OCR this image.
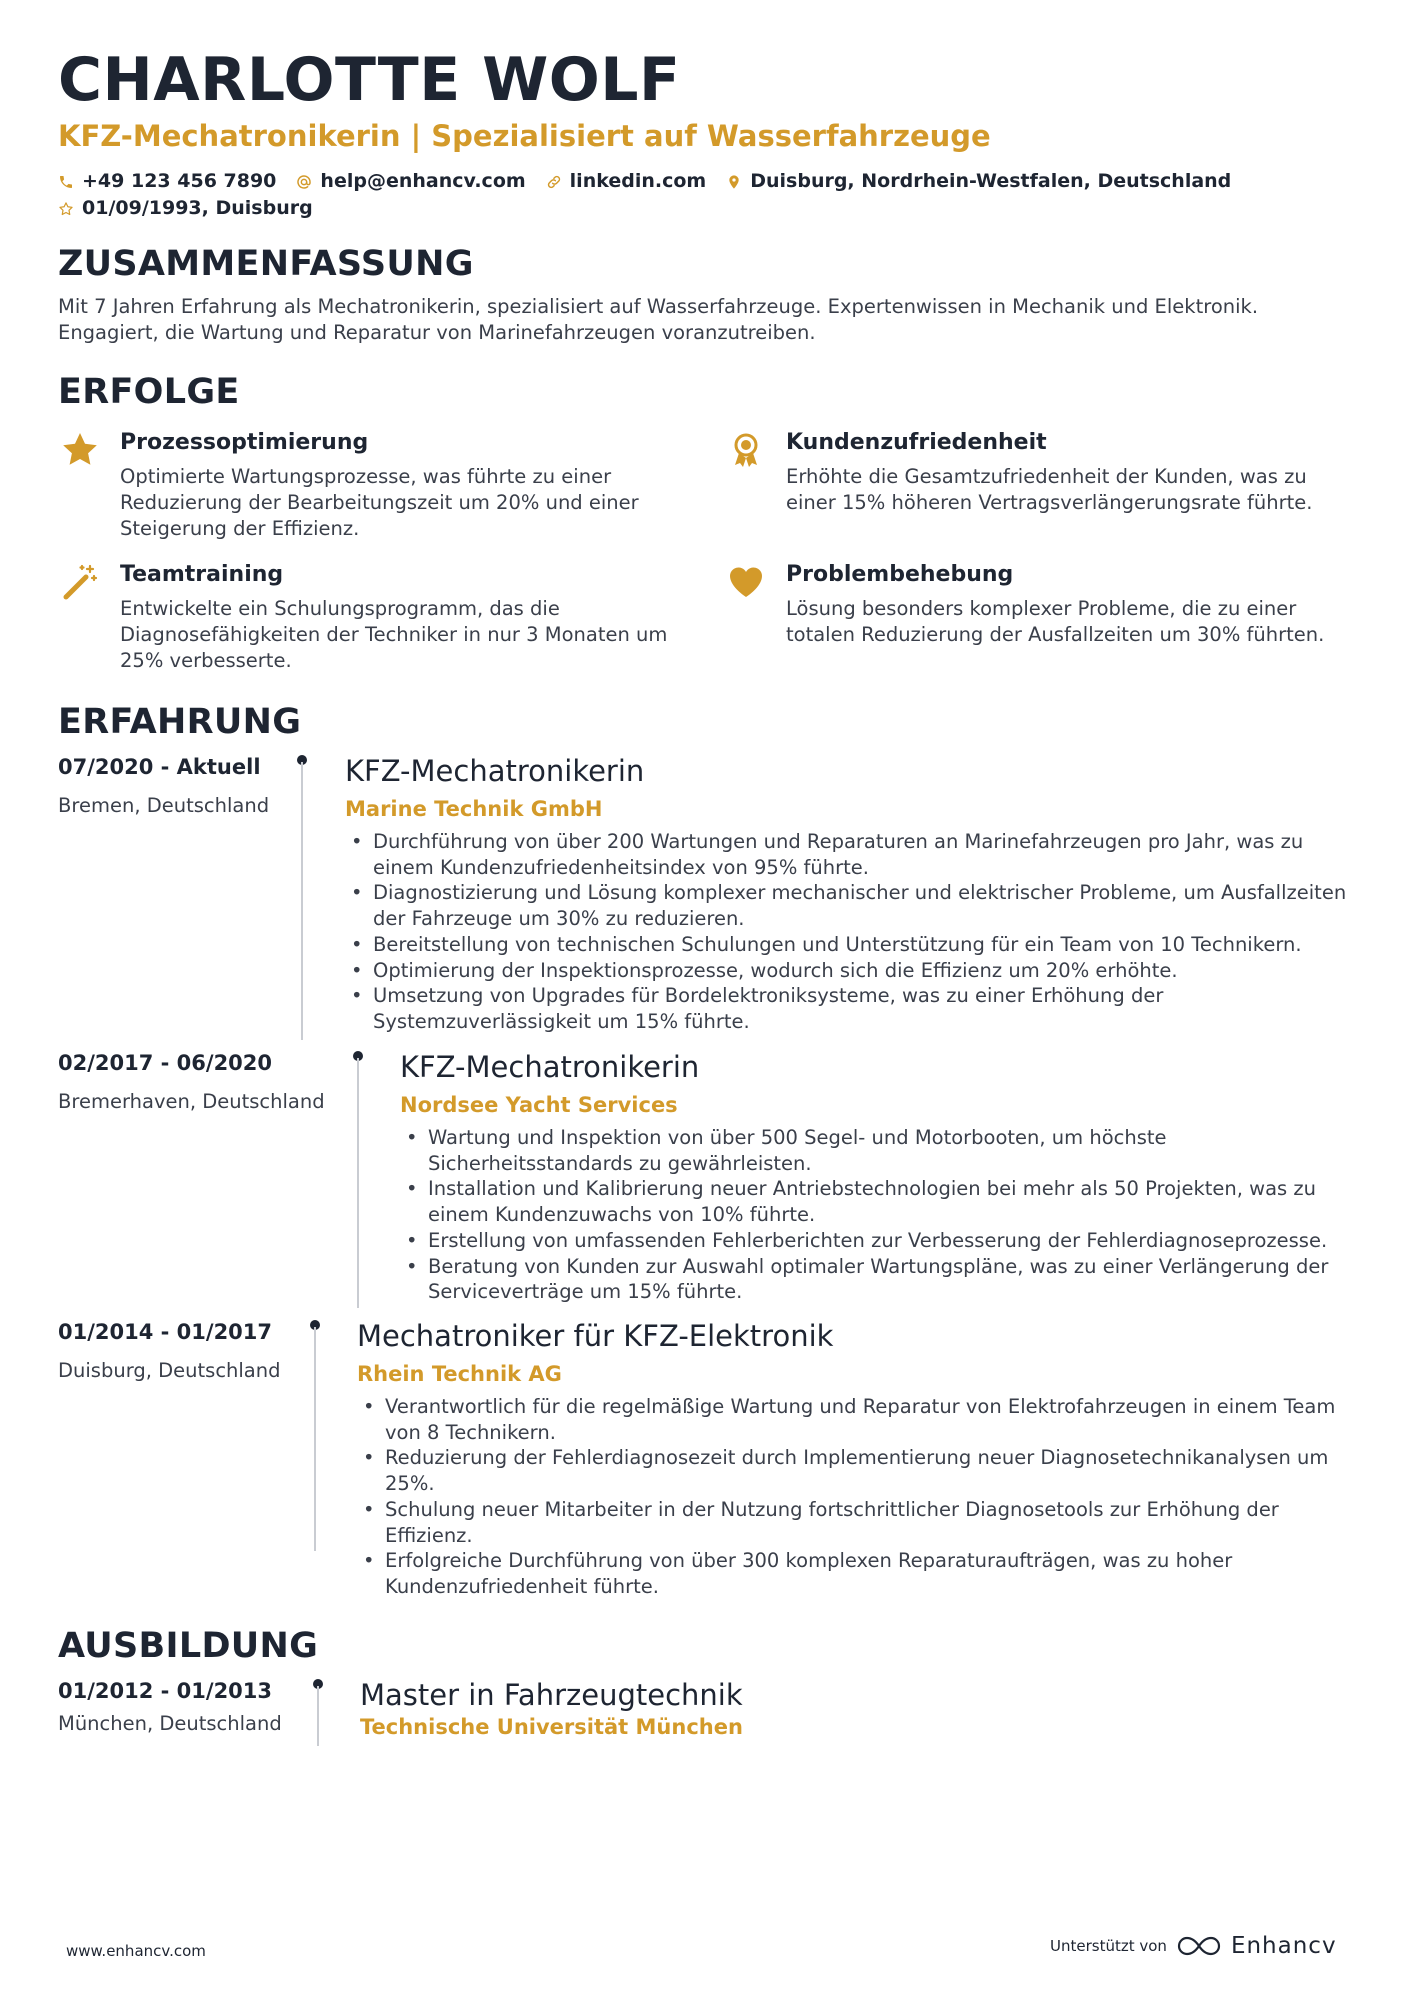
CHARLOTTE WOLF
KFZ-Mechatronikerin | Spezialisiert auf Wasserfahrzeuge
+49 123 456 7890 help@enhancv.com linkedin.com Duisburg, Nordrhein-Westfalen, Deutschland
01/09/1993, Duisburg
ZUSAMMENFASSUNG
Mit 7 Jahren Erfahrung als Mechatronikerin, spezialisiert auf Wasserfahrzeuge. Expertenwissen in Mechanik und Elektronik. Engagiert, die Wartung und Reparatur von Marinefahrzeugen voranzutreiben.
ERFOLGE
Prozessoptimierung
Optimierte Wartungsprozesse, was führte zu einer Reduzierung der Bearbeitungszeit um 20% und einer Steigerung der Effizienz.
Kundenzufriedenheit
Erhöhte die Gesamtzufriedenheit der Kunden, was zu einer 15% höheren Vertragsverlängerungsrate führte.
Teamtraining
Entwickelte ein Schulungsprogramm, das die Diagnosefähigkeiten der Techniker in nur 3 Monaten um 25% verbesserte.
Problembehebung
Lösung besonders komplexer Probleme, die zu einer totalen Reduzierung der Ausfallzeiten um 30% führten.
ERFAHRUNG
07/2020 - Aktuell
Bremen, Deutschland
KFZ-Mechatronikerin
Marine Technik GmbH
• Durchführung von über 200 Wartungen und Reparaturen an Marinefahrzeugen pro Jahr, was zu einem Kundenzufriedenheitsindex von 95% führte.
• Diagnostizierung und Lösung komplexer mechanischer und elektrischer Probleme, um Ausfallzeiten der Fahrzeuge um 30% zu reduzieren.
• Bereitstellung von technischen Schulungen und Unterstützung für ein Team von 10 Technikern.
• Optimierung der Inspektionsprozesse, wodurch sich die Effizienz um 20% erhöhte.
• Umsetzung von Upgrades für Bordelektroniksysteme, was zu einer Erhöhung der Systemzuverlässigkeit um 15% führte.
02/2017 - 06/2020
Bremerhaven, Deutschland
KFZ-Mechatronikerin
Nordsee Yacht Services
• Wartung und Inspektion von über 500 Segel- und Motorbooten, um höchste Sicherheitsstandards zu gewährleisten.
• Installation und Kalibrierung neuer Antriebstechnologien bei mehr als 50 Projekten, was zu einem Kundenzuwachs von 10% führte.
• Erstellung von umfassenden Fehlerberichten zur Verbesserung der Fehlerdiagnoseprozesse.
• Beratung von Kunden zur Auswahl optimaler Wartungspläne, was zu einer Verlängerung der Serviceverträge um 15% führte.
01/2014 - 01/2017
Duisburg, Deutschland
Mechatroniker für KFZ-Elektronik
Rhein Technik AG
• Verantwortlich für die regelmäßige Wartung und Reparatur von Elektrofahrzeugen in einem Team von 8 Technikern.
• Reduzierung der Fehlerdiagnosezeit durch Implementierung neuer Diagnosetechnikanalysen um 25%.
• Schulung neuer Mitarbeiter in der Nutzung fortschrittlicher Diagnosetools zur Erhöhung der Effizienz.
• Erfolgreiche Durchführung von über 300 komplexen Reparaturaufträgen, was zu hoher Kundenzufriedenheit führte.
AUSBILDUNG
01/2012 - 01/2013
München, Deutschland
Master in Fahrzeugtechnik
Technische Universität München
www.enhancv.com	Unterstützt von	Enhancv
